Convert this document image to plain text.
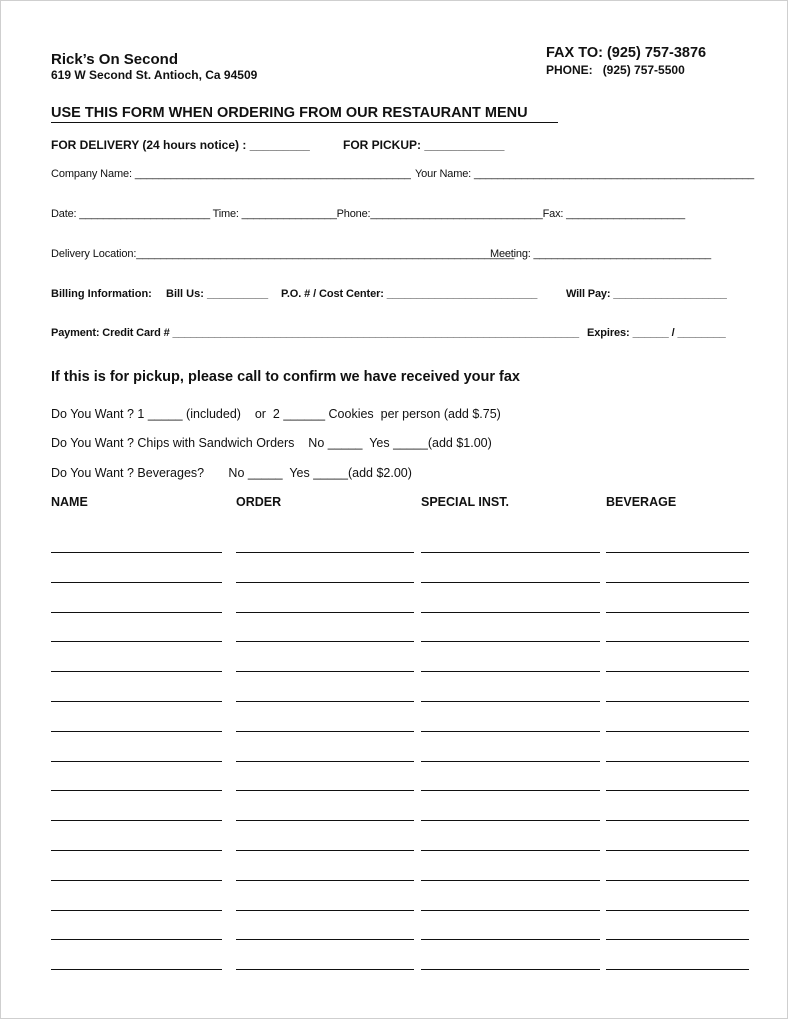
Rick’s On Second
619 W Second St. Antioch, Ca 94509
FAX TO: (925) 757-3876
PHONE: (925) 757-5500
USE THIS FORM WHEN ORDERING FROM OUR RESTAURANT MENU
FOR DELIVERY (24 hours notice) : _________	FOR PICKUP: ____________
Company Name: ______________________________________________ Your Name: _______________________________________________
Date: ______________________ Time: ________________Phone:_____________________________Fax: ____________________
Delivery Location:_______________________________________________________________
Meeting: ______________________________
Billing Information: Bill Us: __________ P.O. # / Cost Center: _________________________	Will Pay: ___________________
Payment: Credit Card # ____________________________________________________________________ Expires: ______ / ________
If this is for pickup, please call to confirm we have received your fax
Do You Want ? 1 _____ (included)    or  2 ______ Cookies  per person (add $.75)
Do You Want ? Chips with Sandwich Orders    No _____  Yes _____(add $1.00)
Do You Want ? Beverages?       No _____  Yes _____(add $2.00)
NAME	ORDER	SPECIAL INST.	BEVERAGE
